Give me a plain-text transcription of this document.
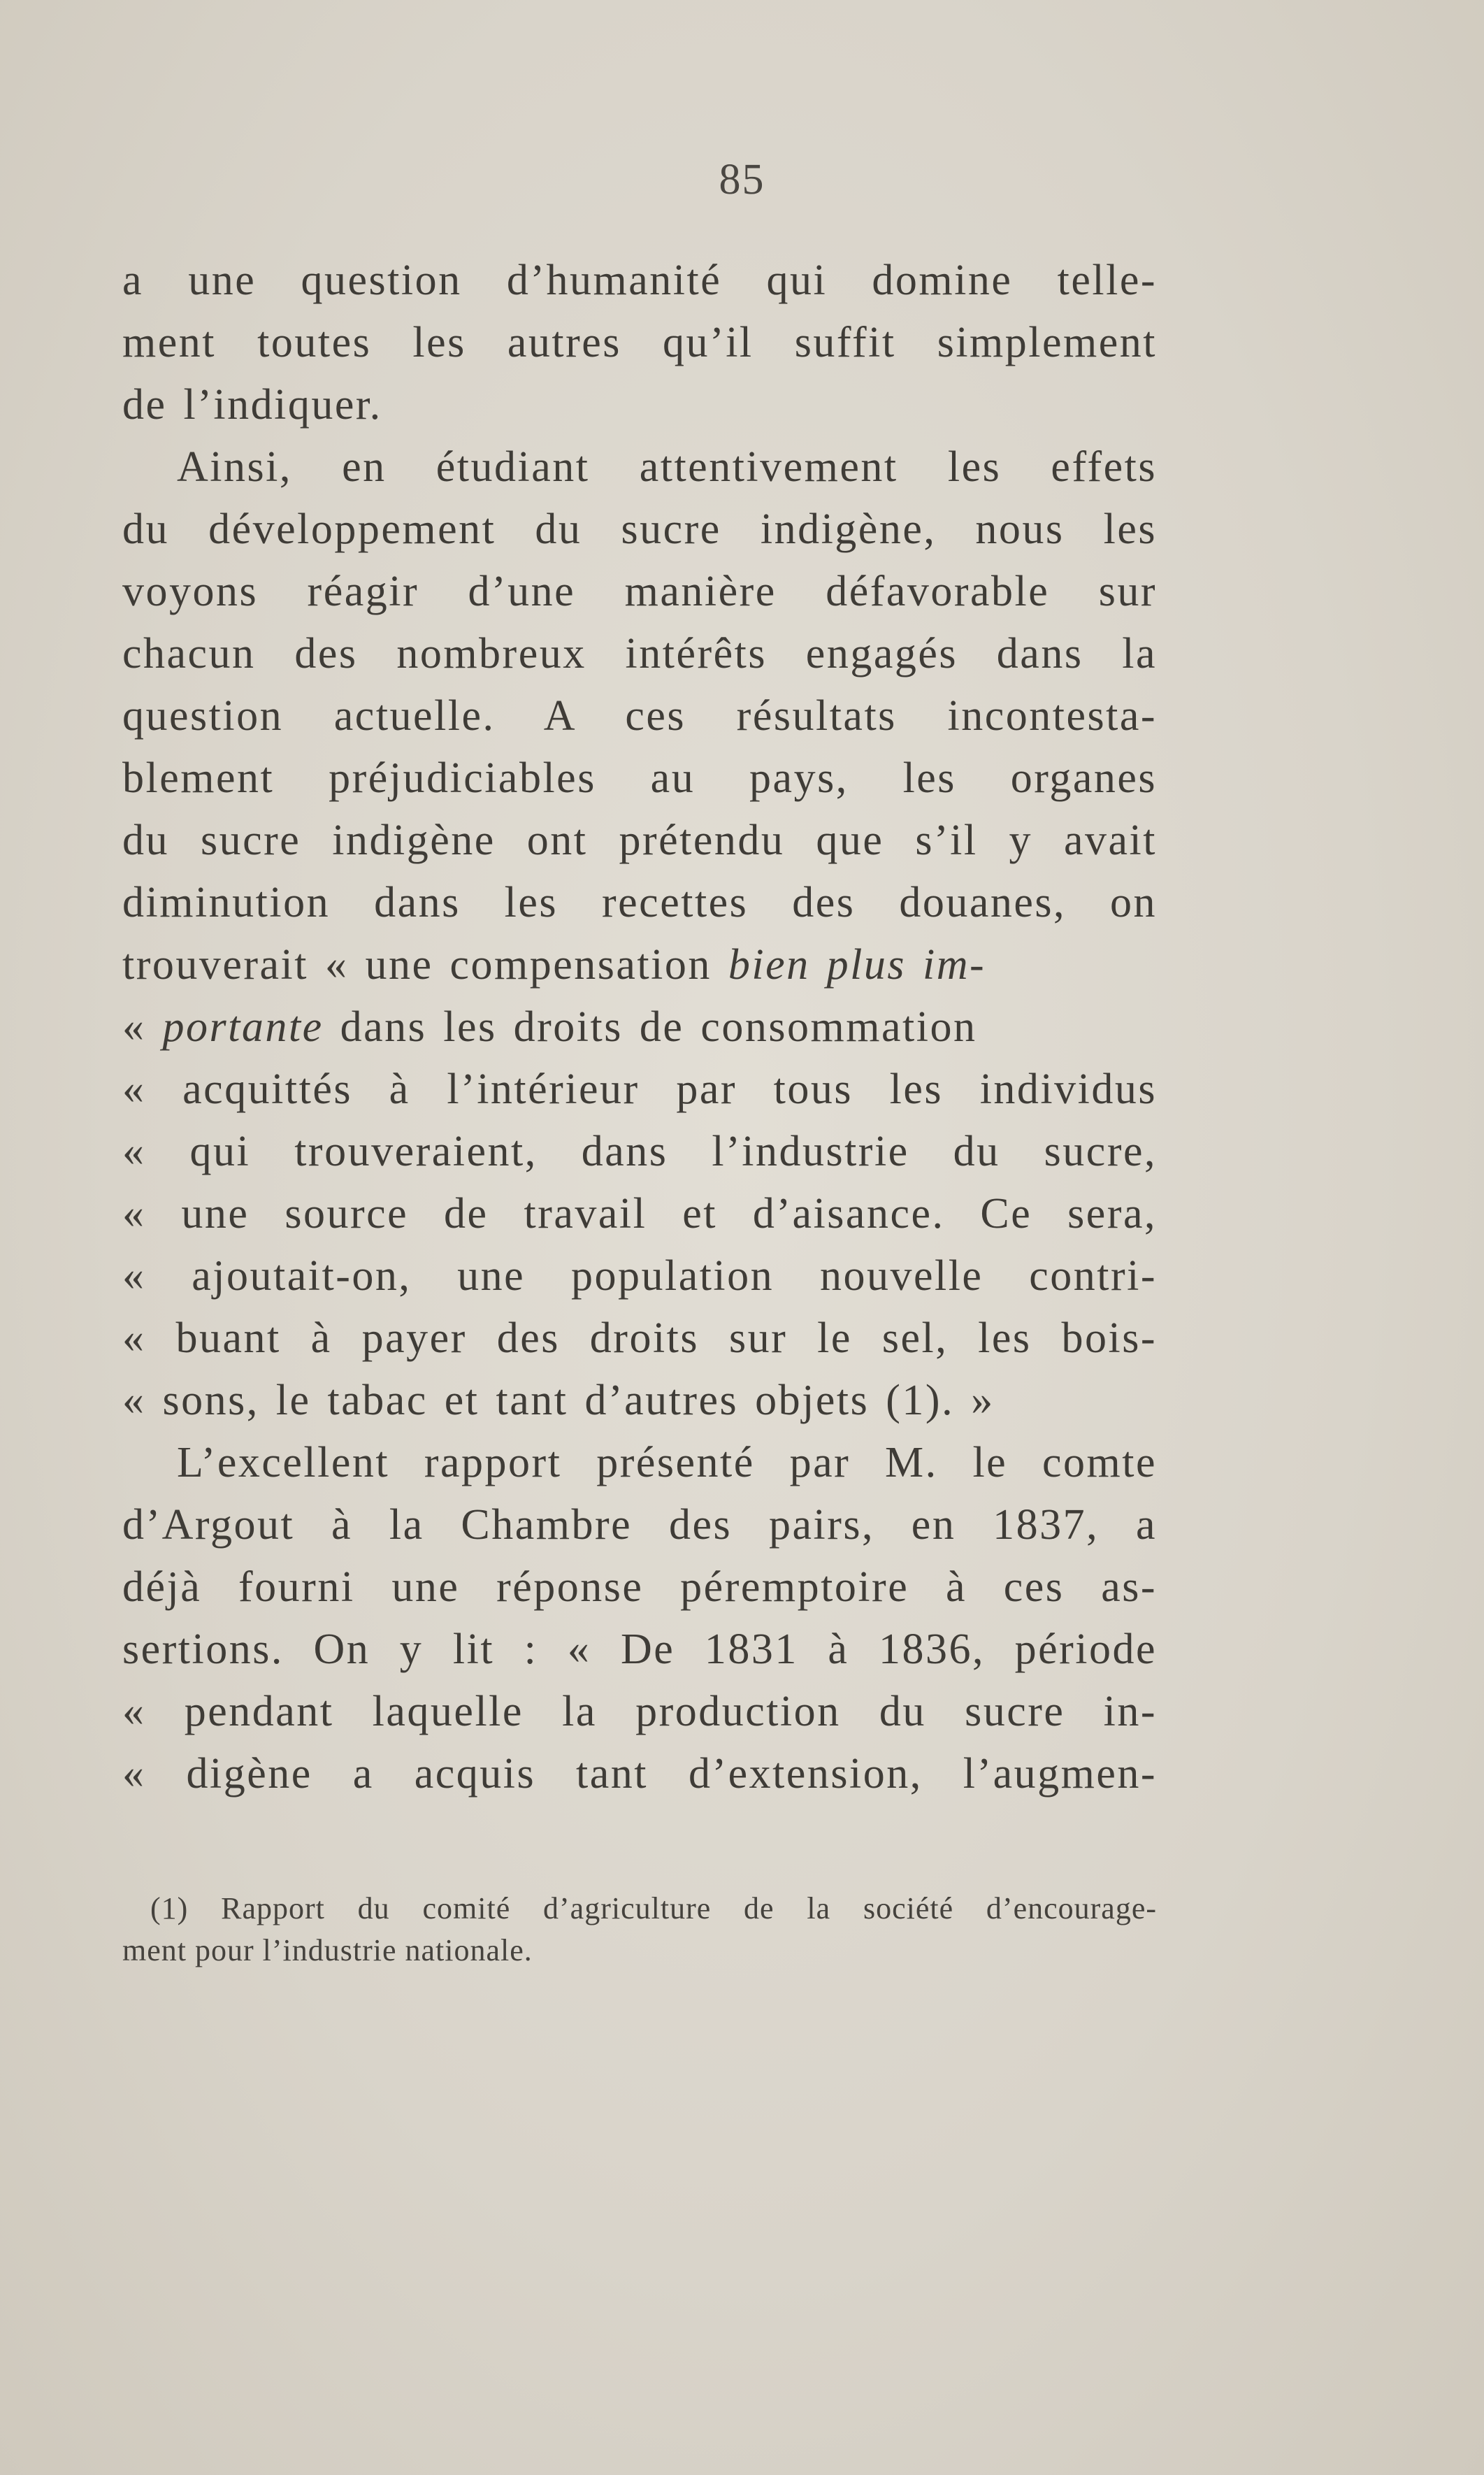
85
a une question d’humanité qui domine telle-
ment toutes les autres qu’il suffit simplement
de l’indiquer.
Ainsi, en étudiant attentivement les effets
du développement du sucre indigène, nous les
voyons réagir d’une manière défavorable sur
chacun des nombreux intérêts engagés dans la
question actuelle. A ces résultats incontesta-
blement préjudiciables au pays, les organes
du sucre indigène ont prétendu que s’il y avait
diminution dans les recettes des douanes, on
trouverait « une compensation bien plus im-
« portante dans les droits de consommation
« acquittés à l’intérieur par tous les individus
« qui trouveraient, dans l’industrie du sucre,
« une source de travail et d’aisance. Ce sera,
« ajoutait-on, une population nouvelle contri-
« buant à payer des droits sur le sel, les bois-
« sons, le tabac et tant d’autres objets (1). »
L’excellent rapport présenté par M. le comte
d’Argout à la Chambre des pairs, en 1837, a
déjà fourni une réponse péremptoire à ces as-
sertions. On y lit : « De 1831 à 1836, période
« pendant laquelle la production du sucre in-
« digène a acquis tant d’extension, l’augmen-
(1) Rapport du comité d’agriculture de la société d’encourage-
ment pour l’industrie nationale.
